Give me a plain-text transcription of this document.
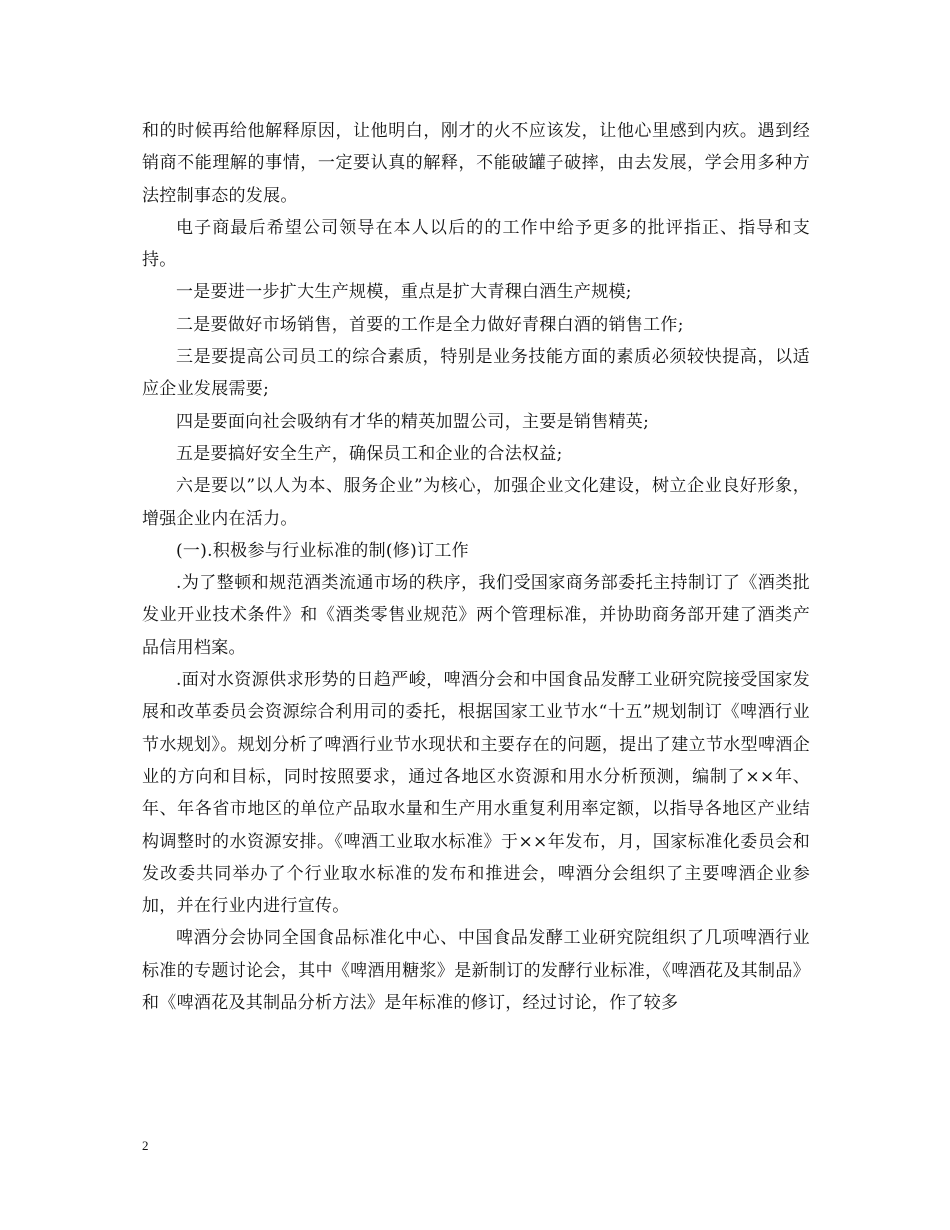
和的时候再给他解释原因，让他明白，刚才的火不应该发，让他心里感到内疚。遇到经销商不能理解的事情，一定要认真的解释，不能破罐子破摔，由去发展，学会用多种方法控制事态的发展。

电子商最后希望公司领导在本人以后的的工作中给予更多的批评指正、指导和支持。

一是要进一步扩大生产规模，重点是扩大青稞白酒生产规模;

二是要做好市场销售，首要的工作是全力做好青稞白酒的销售工作;

三是要提高公司员工的综合素质，特别是业务技能方面的素质必须较快提高，以适应企业发展需要;

四是要面向社会吸纳有才华的精英加盟公司，主要是销售精英;

五是要搞好安全生产，确保员工和企业的合法权益;

六是要以”以人为本、服务企业”为核心，加强企业文化建设，树立企业良好形象，增强企业内在活力。

(一).积极参与行业标准的制(修)订工作

.为了整顿和规范酒类流通市场的秩序，我们受国家商务部委托主持制订了《酒类批发业开业技术条件》和《酒类零售业规范》两个管理标准，并协助商务部开建了酒类产品信用档案。

.面对水资源供求形势的日趋严峻，啤酒分会和中国食品发酵工业研究院接受国家发展和改革委员会资源综合利用司的委托，根据国家工业节水“十五”规划制订《啤酒行业节水规划》。规划分析了啤酒行业节水现状和主要存在的问题，提出了建立节水型啤酒企业的方向和目标，同时按照要求，通过各地区水资源和用水分析预测，编制了××年、年、年各省市地区的单位产品取水量和生产用水重复利用率定额，以指导各地区产业结构调整时的水资源安排。《啤酒工业取水标准》于××年发布，月，国家标准化委员会和发改委共同举办了个行业取水标准的发布和推进会，啤酒分会组织了主要啤酒企业参加，并在行业内进行宣传。

啤酒分会协同全国食品标准化中心、中国食品发酵工业研究院组织了几项啤酒行业标准的专题讨论会，其中《啤酒用糖浆》是新制订的发酵行业标准，《啤酒花及其制品》和《啤酒花及其制品分析方法》是年标准的修订，经过讨论，作了较多

2
